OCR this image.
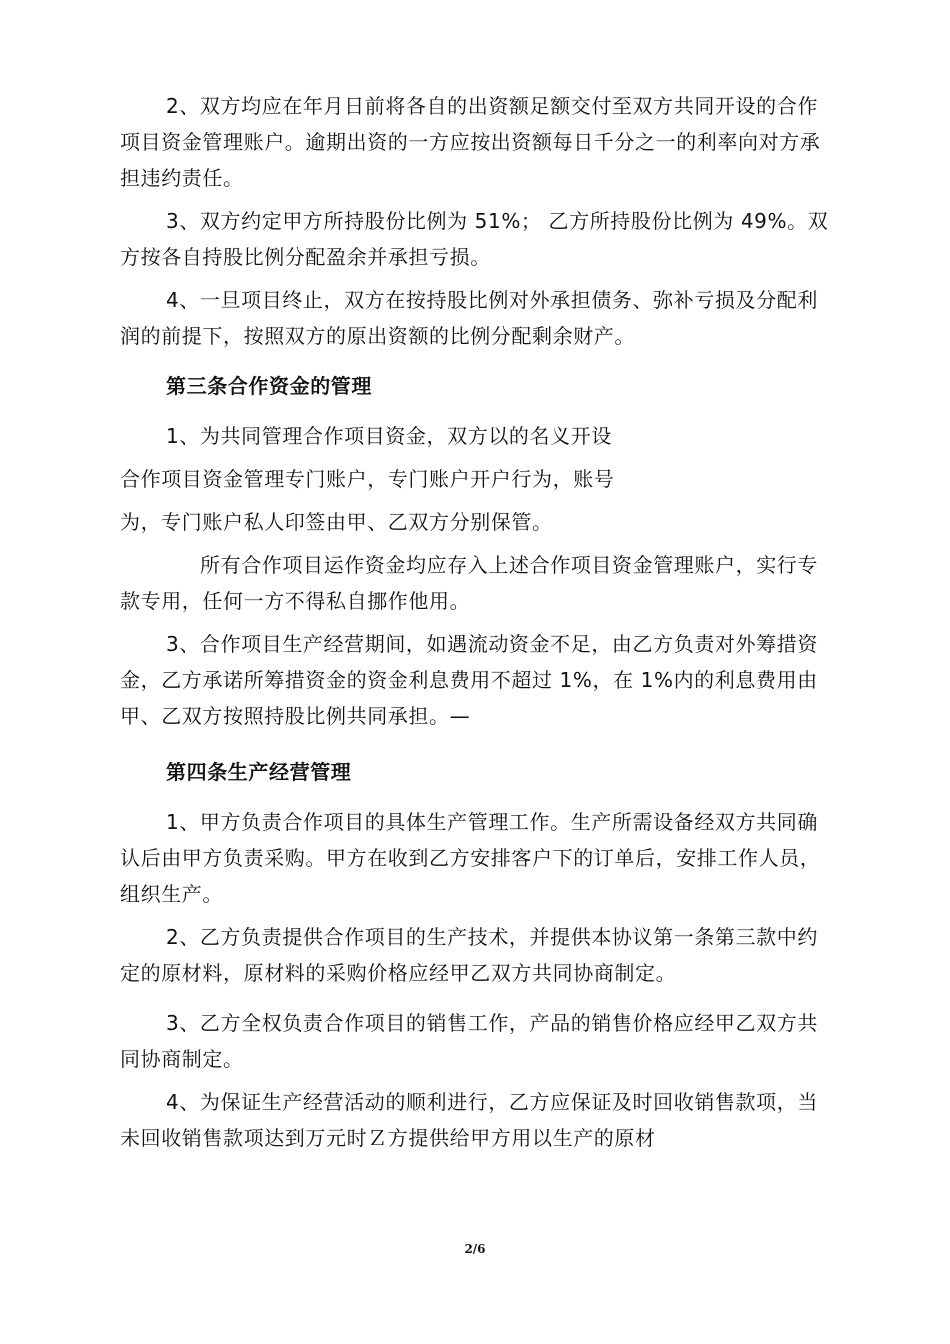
2、双方均应在年月日前将各自的出资额足额交付至双方共同开设的合作项目资金管理账户。逾期出资的一方应按出资额每日千分之一的利率向对方承担违约责任。

3、双方约定甲方所持股份比例为 51%； 乙方所持股份比例为 49%。双方按各自持股比例分配盈余并承担亏损。

4、一旦项目终止，双方在按持股比例对外承担债务、弥补亏损及分配利润的前提下，按照双方的原出资额的比例分配剩余财产。

第三条合作资金的管理

1、为共同管理合作项目资金，双方以的名义开设

合作项目资金管理专门账户，专门账户开户行为，账号

为，专门账户私人印签由甲、乙双方分别保管。

所有合作项目运作资金均应存入上述合作项目资金管理账户，实行专款专用，任何一方不得私自挪作他用。

3、合作项目生产经营期间，如遇流动资金不足，由乙方负责对外筹措资金，乙方承诺所筹措资金的资金利息费用不超过 1%，在 1%内的利息费用由甲、乙双方按照持股比例共同承担。—

第四条生产经营管理

1、甲方负责合作项目的具体生产管理工作。生产所需设备经双方共同确认后由甲方负责采购。甲方在收到乙方安排客户下的订单后，安排工作人员，组织生产。

2、乙方负责提供合作项目的生产技术，并提供本协议第一条第三款中约定的原材料，原材料的采购价格应经甲乙双方共同协商制定。

3、乙方全权负责合作项目的销售工作，产品的销售价格应经甲乙双方共同协商制定。

4、为保证生产经营活动的顺利进行，乙方应保证及时回收销售款项，当未回收销售款项达到万元时Ｚ方提供给甲方用以生产的原材

2/6
